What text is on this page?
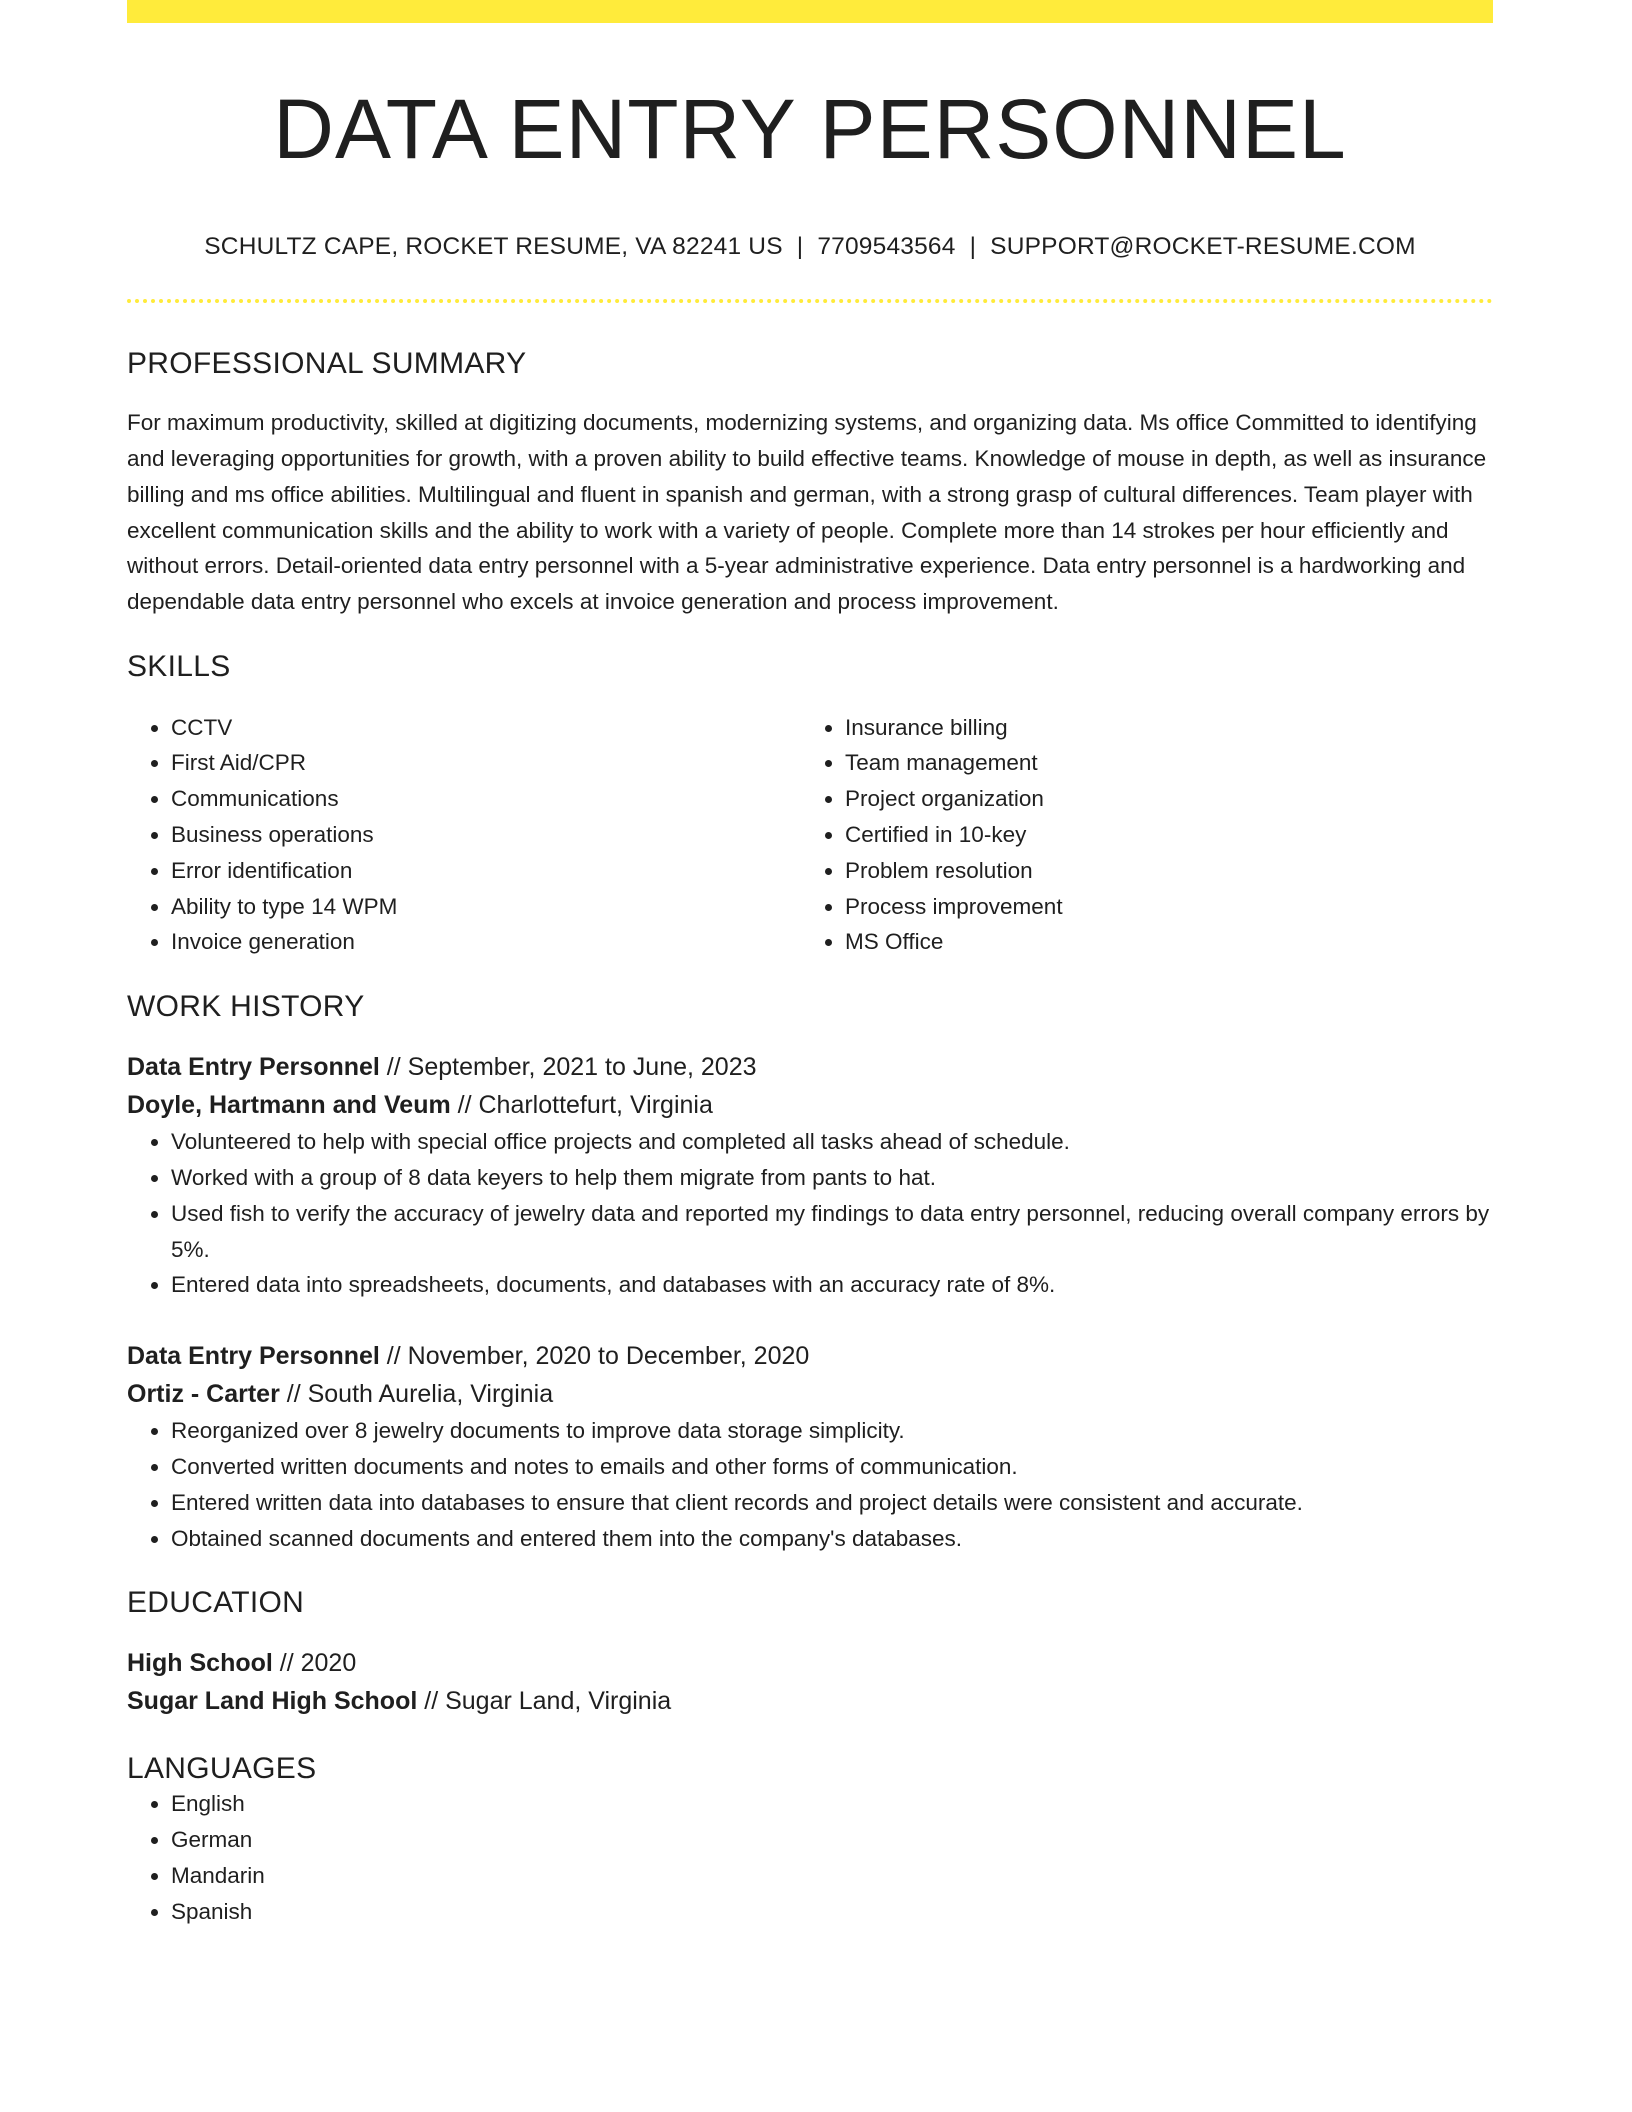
DATA ENTRY PERSONNEL
SCHULTZ CAPE, ROCKET RESUME, VA 82241 US | 7709543564 | SUPPORT@ROCKET-RESUME.COM
PROFESSIONAL SUMMARY
For maximum productivity, skilled at digitizing documents, modernizing systems, and organizing data. Ms office Committed to identifying and leveraging opportunities for growth, with a proven ability to build effective teams. Knowledge of mouse in depth, as well as insurance billing and ms office abilities. Multilingual and fluent in spanish and german, with a strong grasp of cultural differences. Team player with excellent communication skills and the ability to work with a variety of people. Complete more than 14 strokes per hour efficiently and without errors. Detail-oriented data entry personnel with a 5-year administrative experience. Data entry personnel is a hardworking and dependable data entry personnel who excels at invoice generation and process improvement.
SKILLS
• CCTV
• First Aid/CPR
• Communications
• Business operations
• Error identification
• Ability to type 14 WPM
• Invoice generation
• Insurance billing
• Team management
• Project organization
• Certified in 10-key
• Problem resolution
• Process improvement
• MS Office
WORK HISTORY
Data Entry Personnel // September, 2021 to June, 2023
Doyle, Hartmann and Veum // Charlottefurt, Virginia
• Volunteered to help with special office projects and completed all tasks ahead of schedule.
• Worked with a group of 8 data keyers to help them migrate from pants to hat.
• Used fish to verify the accuracy of jewelry data and reported my findings to data entry personnel, reducing overall company errors by 5%.
• Entered data into spreadsheets, documents, and databases with an accuracy rate of 8%.
Data Entry Personnel // November, 2020 to December, 2020
Ortiz - Carter // South Aurelia, Virginia
• Reorganized over 8 jewelry documents to improve data storage simplicity.
• Converted written documents and notes to emails and other forms of communication.
• Entered written data into databases to ensure that client records and project details were consistent and accurate.
• Obtained scanned documents and entered them into the company's databases.
EDUCATION
High School // 2020
Sugar Land High School // Sugar Land, Virginia
LANGUAGES
• English
• German
• Mandarin
• Spanish
